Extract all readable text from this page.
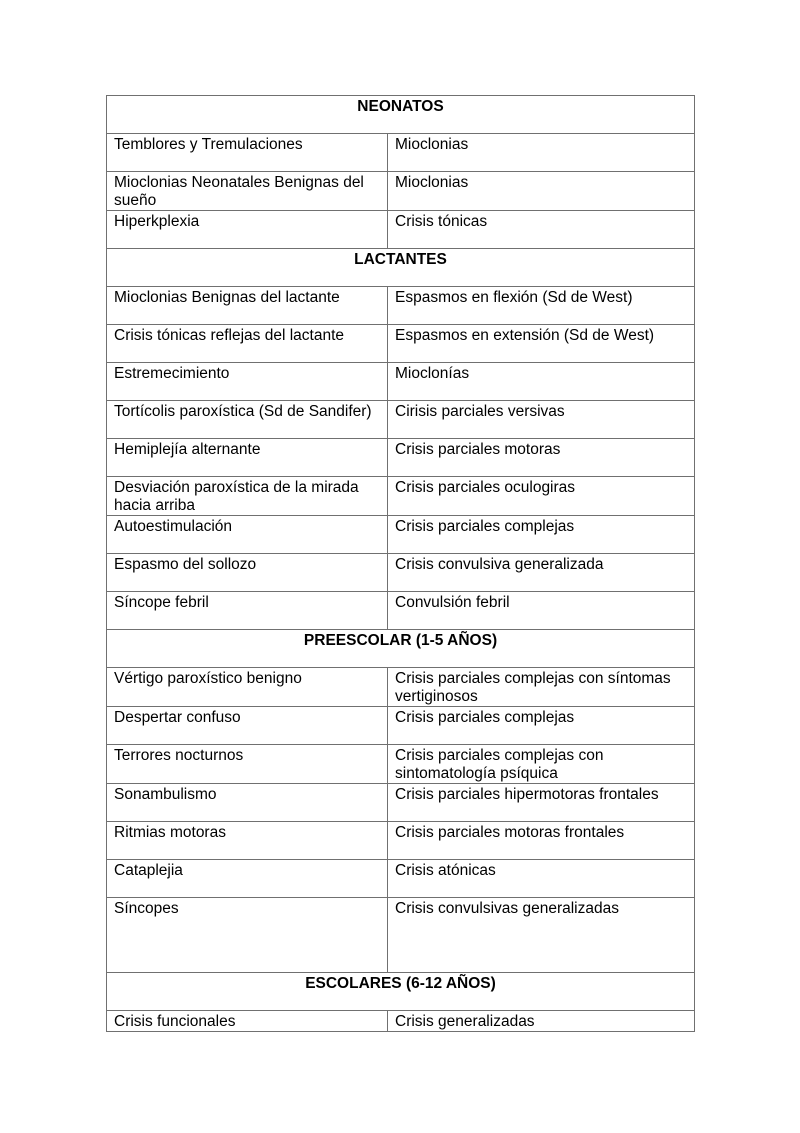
NEONATOS	
Temblores y Tremulaciones	Mioclonias
Mioclonias Neonatales Benignas del sueño	Mioclonias
Hiperkplexia	Crisis tónicas
LACTANTES	
Mioclonias Benignas del lactante	Espasmos en flexión (Sd de West)
Crisis tónicas reflejas del lactante	Espasmos en extensión (Sd de West)
Estremecimiento	Mioclonías
Tortícolis paroxística (Sd de Sandifer)	Cirisis parciales versivas
Hemiplejía alternante	Crisis parciales motoras
Desviación paroxística de la mirada hacia arriba	Crisis parciales oculogiras
Autoestimulación	Crisis parciales complejas
Espasmo del sollozo	Crisis convulsiva generalizada
Síncope febril	Convulsión febril
PREESCOLAR (1-5 AÑOS)	
Vértigo paroxístico benigno	Crisis parciales complejas con síntomas vertiginosos
Despertar confuso	Crisis parciales complejas
Terrores nocturnos	Crisis parciales complejas con sintomatología psíquica
Sonambulismo	Crisis parciales hipermotoras frontales
Ritmias motoras	Crisis parciales motoras frontales
Cataplejia	Crisis atónicas
Síncopes	Crisis convulsivas generalizadas
ESCOLARES (6-12 AÑOS)	
Crisis funcionales	Crisis generalizadas
